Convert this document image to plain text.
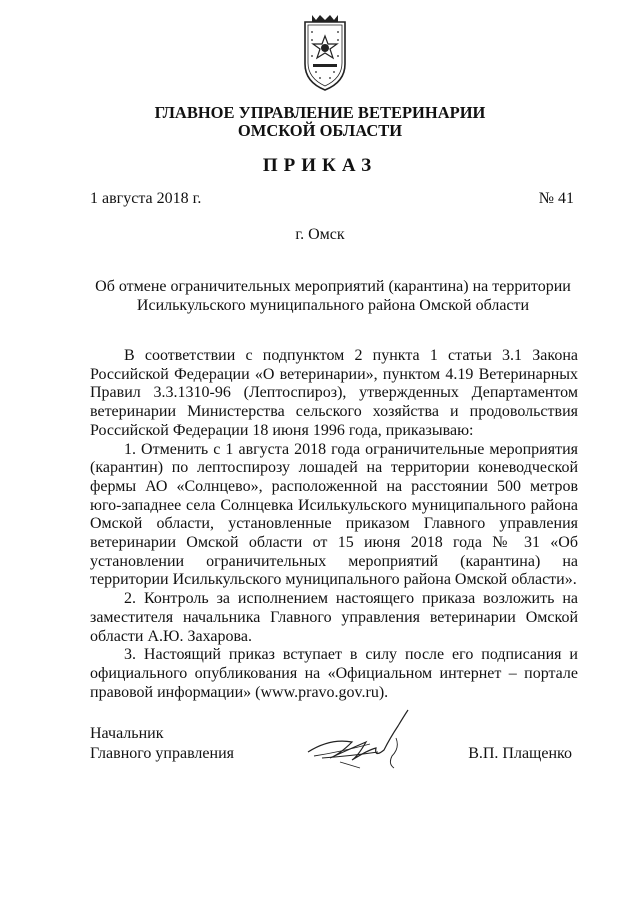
ГЛАВНОЕ УПРАВЛЕНИЕ ВЕТЕРИНАРИИ
ОМСКОЙ ОБЛАСТИ
ПРИКАЗ
1 августа 2018 г.	№ 41
г. Омск
Об отмене ограничительных мероприятий (карантина) на территории Исилькульского муниципального района Омской области

В соответствии с подпунктом 2 пункта 1 статьи 3.1 Закона Российской Федерации «О ветеринарии», пунктом 4.19 Ветеринарных Правил 3.3.1310-96 (Лептоспироз), утвержденных Департаментом ветеринарии Министерства сельского хозяйства и продовольствия Российской Федерации 18 июня 1996 года, приказываю:

1. Отменить с 1 августа 2018 года ограничительные мероприятия (карантин) по лептоспирозу лошадей на территории коневодческой фермы АО «Солнцево», расположенной на расстоянии 500 метров юго-западнее села Солнцевка Исилькульского муниципального района Омской области, установленные приказом Главного управления ветеринарии Омской области от 15 июня 2018 года № 31 «Об установлении ограничительных мероприятий (карантина) на территории Исилькульского муниципального района Омской области».

2. Контроль за исполнением настоящего приказа возложить на заместителя начальника Главного управления ветеринарии Омской области А.Ю. Захарова.

3. Настоящий приказ вступает в силу после его подписания и официального опубликования на «Официальном интернет – портале правовой информации» (www.pravo.gov.ru).

Начальник
Главного управления	В.П. Плащенко
